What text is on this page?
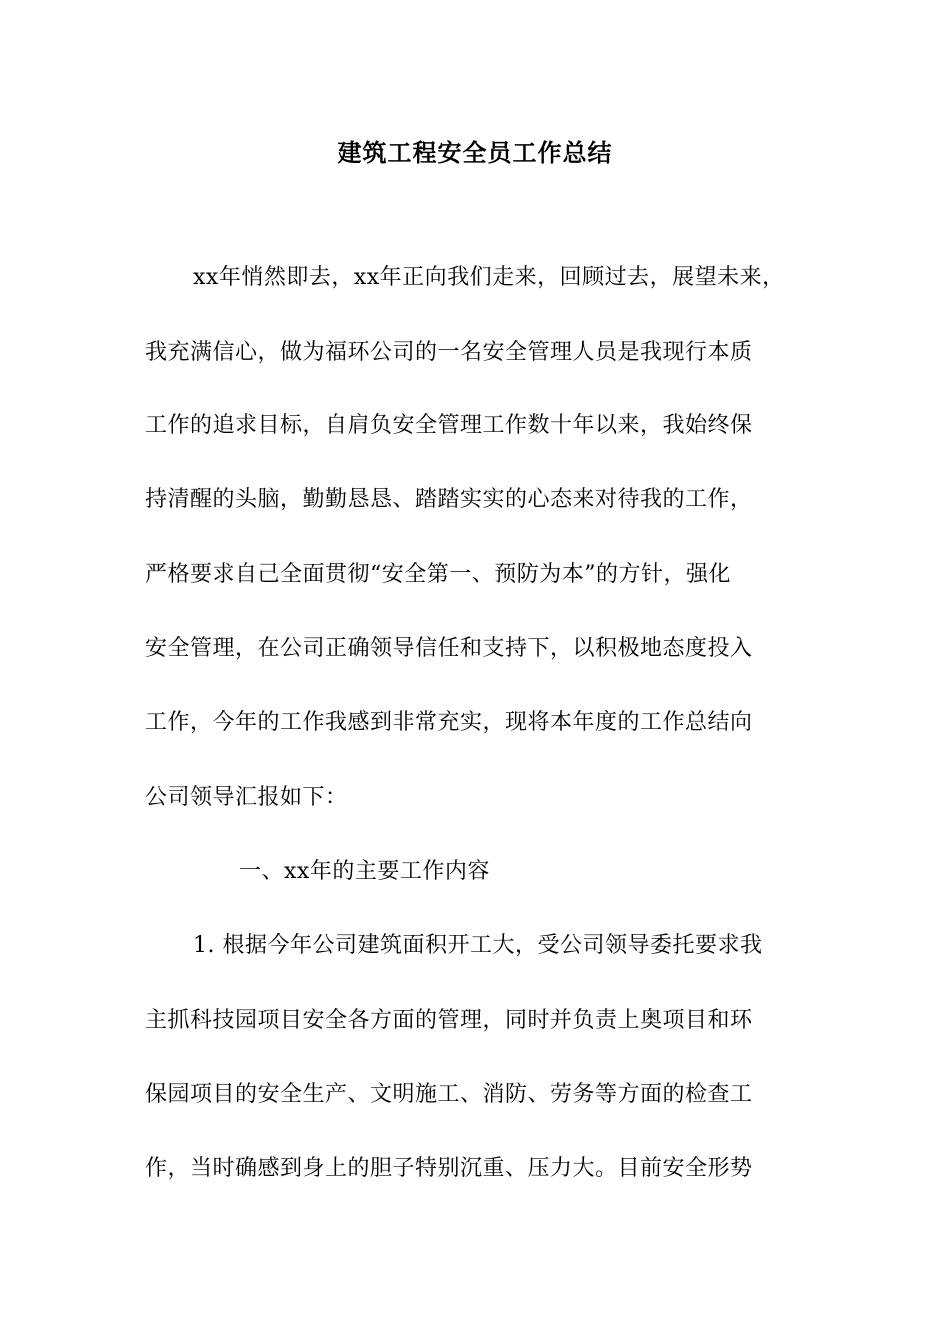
建筑工程安全员工作总结
xx年悄然即去，xx年正向我们走来，回顾过去，展望未来，
我充满信心，做为福环公司的一名安全管理人员是我现行本质
工作的追求目标，自肩负安全管理工作数十年以来，我始终保
持清醒的头脑，勤勤恳恳、踏踏实实的心态来对待我的工作，
严格要求自己全面贯彻“安全第一、预防为本”的方针，强化
安全管理，在公司正确领导信任和支持下，以积极地态度投入
工作，今年的工作我感到非常充实，现将本年度的工作总结向
公司领导汇报如下：
一、xx年的主要工作内容
1. 根据今年公司建筑面积开工大，受公司领导委托要求我
主抓科技园项目安全各方面的管理，同时并负责上奥项目和环
保园项目的安全生产、文明施工、消防、劳务等方面的检查工
作，当时确感到身上的胆子特别沉重、压力大。目前安全形势
